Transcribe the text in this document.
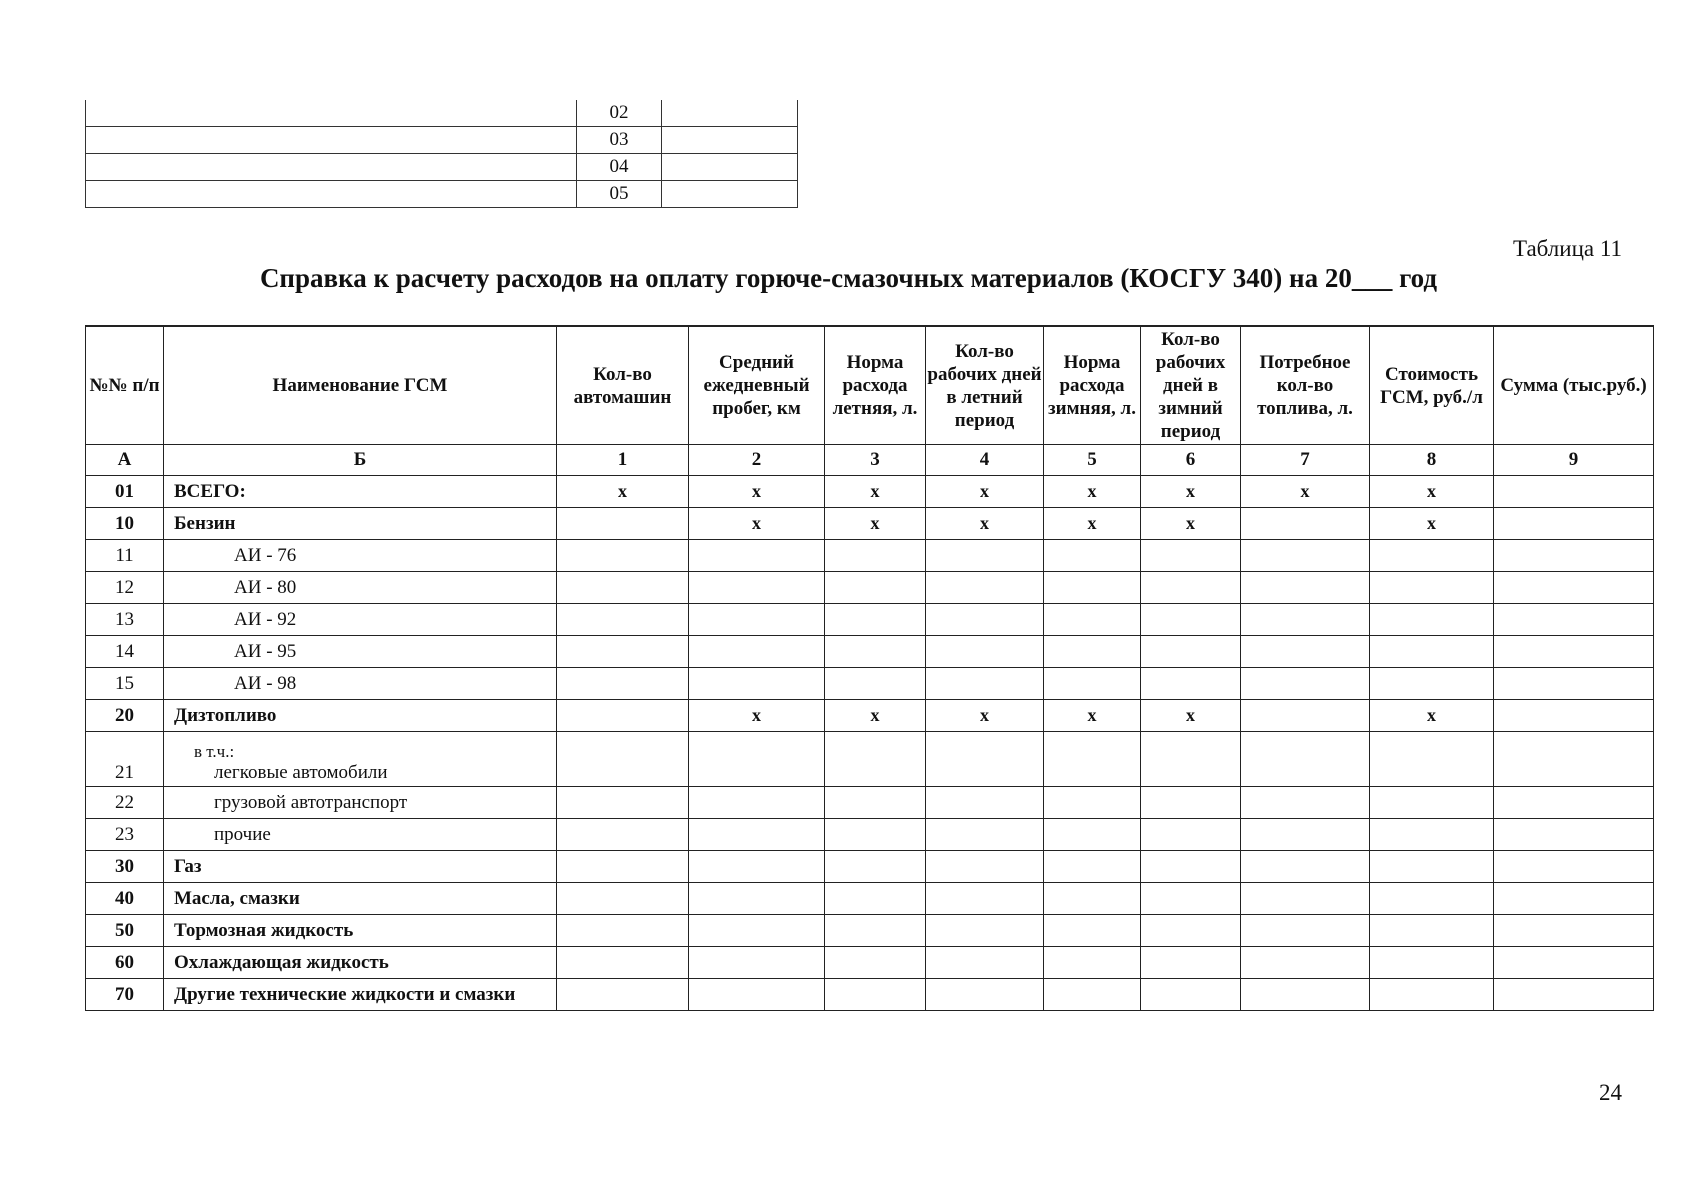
	02	
	03	
	04	
	05	
Таблица 11
Справка к расчету расходов на оплату горюче-смазочных материалов (КОСГУ 340) на 20___ год
№№ п/п	Наименование ГСМ	Кол-во автомашин	Средний ежедневный пробег, км	Норма расхода летняя, л.	Кол-во рабочих дней в летний период	Норма расхода зимняя, л.	Кол-во рабочих дней в зимний период	Потребное кол-во топлива, л.	Стоимость ГСМ, руб./л	Сумма (тыс.руб.)
А	Б	1	2	3	4	5	6	7	8	9
01	ВСЕГО:	x	x	x	x	x	x	x	x	
10	Бензин		x	x	x	x	x		x	
11	АИ - 76									
12	АИ - 80									
13	АИ - 92									
14	АИ - 95									
15	АИ - 98									
20	Дизтопливо		x	x	x	x	x		x	
21	в т.ч.:
легковые автомобили									
22	грузовой автотранспорт									
23	прочие									
30	Газ									
40	Масла, смазки									
50	Тормозная жидкость									
60	Охлаждающая жидкость									
70	Другие технические жидкости и смазки									
24
